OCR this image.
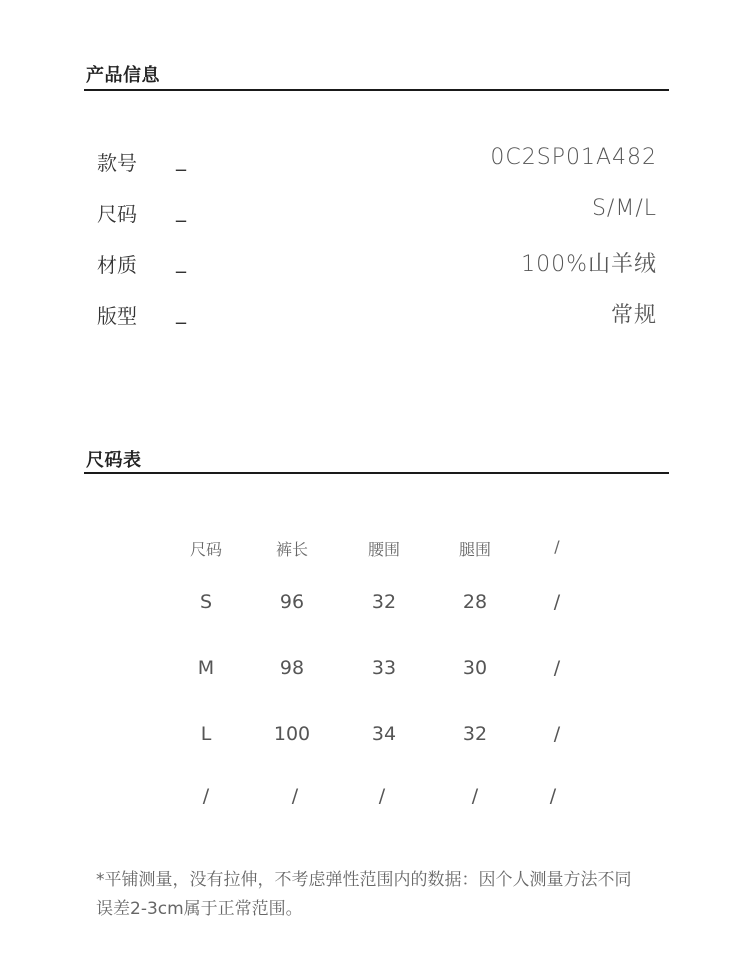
产品信息
款号 _	0C2SP01A482
尺码 _	S/M/L
材质 _	100%山羊绒
版型 _	常规
尺码表
尺码	裤长	腰围	腿围	/
S	96	32	28	/
M	98	33	30	/
L	100	34	32	/
/	/	/	/	/
*平铺测量，没有拉伸，不考虑弹性范围内的数据：因个人测量方法不同
误差2-3cm属于正常范围。
